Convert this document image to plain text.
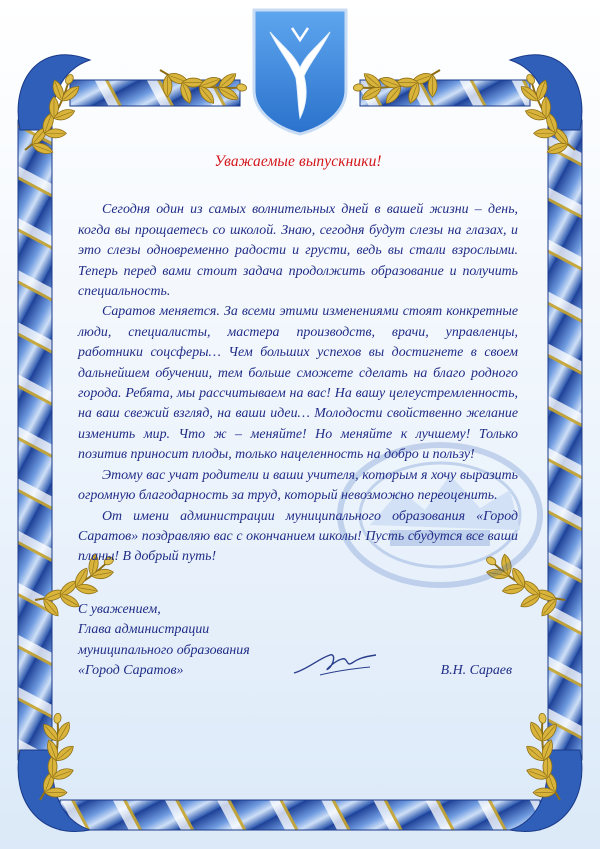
Уважаемые выпускники!

Сегодня один из самых волнительных дней в вашей жизни – день, когда вы прощаетесь со школой. Знаю, сегодня будут слезы на глазах, и это слезы одновременно радости и грусти, ведь вы стали взрослыми. Теперь перед вами стоит задача продолжить образование и получить специальность.

Саратов меняется. За всеми этими изменениями стоят конкретные люди, специалисты, мастера производств, врачи, управленцы, работники соцсферы… Чем больших успехов вы достигнете в своем дальнейшем обучении, тем больше сможете сделать на благо родного города. Ребята, мы рассчитываем на вас! На вашу целеустремленность, на ваш свежий взгляд, на ваши идеи… Молодости свойственно желание изменить мир. Что ж – меняйте! Но меняйте к лучшему! Только позитив приносит плоды, только нацеленность на добро и пользу!

Этому вас учат родители и ваши учителя, которым я хочу выразить огромную благодарность за труд, который невозможно переоценить.

От имени администрации муниципального образования «Город Саратов» поздравляю вас с окончанием школы! Пусть сбудутся все ваши планы! В добрый путь!

С уважением,
Глава администрации
муниципального образования
«Город Саратов»	В.Н. Сараев
